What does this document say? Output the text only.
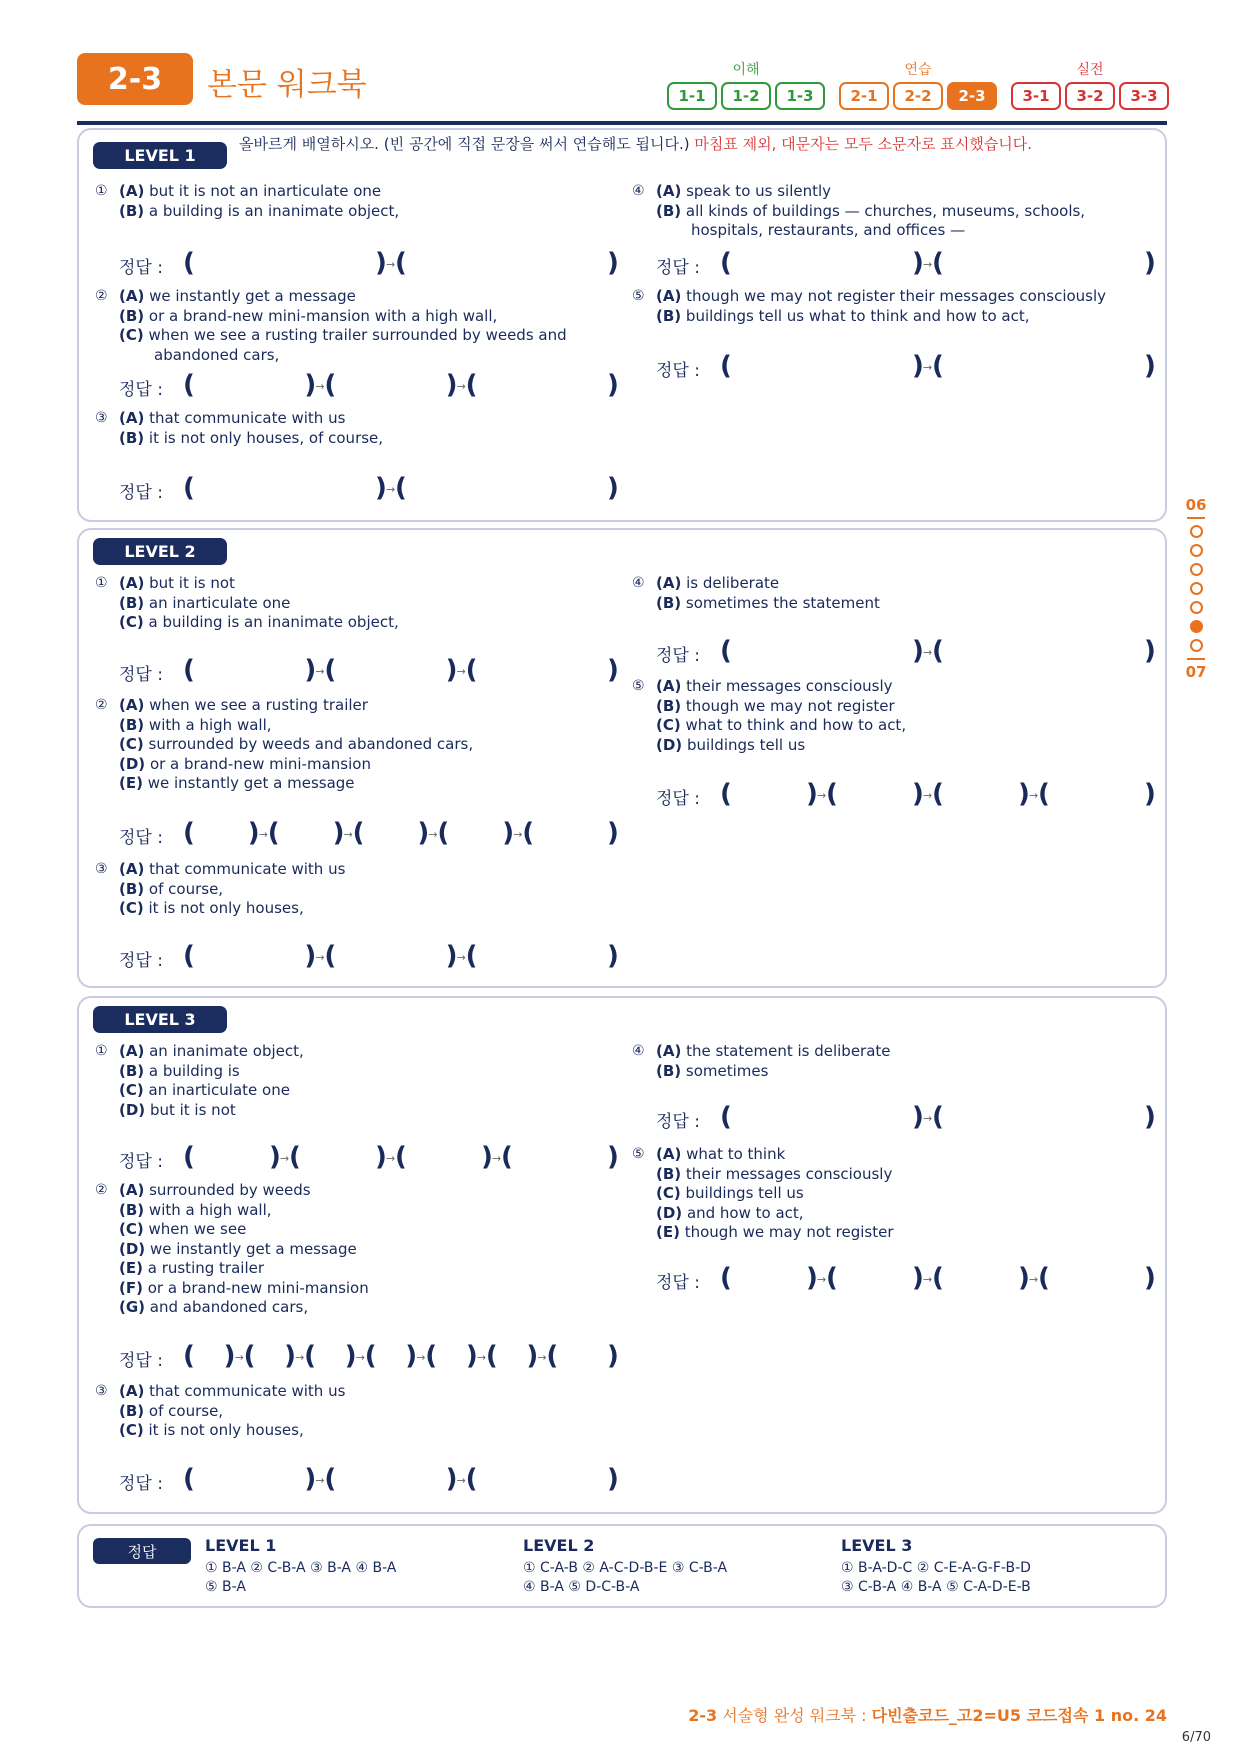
2-3	본문 워크북	이해
1-1	1-2	1-3
연습
2-1	2-2	2-3
실전
3-1	3-2	3-3
LEVEL 1
올바르게 배열하시오. (빈 공간에 직접 문장을 써서 연습해도 됩니다.) 마침표 제외, 대문자는 모두 소문자로 표시했습니다.
① (A) but it is not an inarticulate one
(B) a building is an inanimate object,
정답 : (	) → (	)
② (A) we instantly get a message
(B) or a brand-new mini-mansion with a high wall,
(C) when we see a rusting trailer surrounded by weeds and
abandoned cars,
정답 : (	) → (	) → (	)
③ (A) that communicate with us
(B) it is not only houses, of course,
정답 : (	) → (	)
④ (A) speak to us silently
(B) all kinds of buildings — churches, museums, schools,
hospitals, restaurants, and offices —
정답 : (	) → (	)
⑤ (A) though we may not register their messages consciously
(B) buildings tell us what to think and how to act,
정답 : (	) → (	)
LEVEL 2
① (A) but it is not
(B) an inarticulate one
(C) a building is an inanimate object,
정답 : (	) → (	) → (	)
② (A) when we see a rusting trailer
(B) with a high wall,
(C) surrounded by weeds and abandoned cars,
(D) or a brand-new mini-mansion
(E) we instantly get a message
정답 : ( ) → ( ) → ( ) → ( ) → (	)
③ (A) that communicate with us
(B) of course,
(C) it is not only houses,
정답 : (	) → (	) → (	)
④ (A) is deliberate
(B) sometimes the statement
정답 : (	) → (	)
⑤ (A) their messages consciously
(B) though we may not register
(C) what to think and how to act,
(D) buildings tell us
정답 : (	) → (	) → (	) → (	)
LEVEL 3
① (A) an inanimate object,
(B) a building is
(C) an inarticulate one
(D) but it is not
정답 : (	) → (	) → (	) → (	)
② (A) surrounded by weeds
(B) with a high wall,
(C) when we see
(D) we instantly get a message
(E) a rusting trailer
(F) or a brand-new mini-mansion
(G) and abandoned cars,
정답 : ( ) → ( ) → ( ) → ( ) → ( ) → ( ) → ( )
③ (A) that communicate with us
(B) of course,
(C) it is not only houses,
정답 : (	) → (	) → (	)
④ (A) the statement is deliberate
(B) sometimes
정답 : (	) → (	)
⑤ (A) what to think
(B) their messages consciously
(C) buildings tell us
(D) and how to act,
(E) though we may not register
정답 : (	) → (	) → (	) → (	)
정답	LEVEL 1
① B-A ② C-B-A ③ B-A ④ B-A
⑤ B-A
LEVEL 2
① C-A-B ② A-C-D-B-E ③ C-B-A
④ B-A ⑤ D-C-B-A
LEVEL 3
① B-A-D-C ② C-E-A-G-F-B-D
③ C-B-A ④ B-A ⑤ C-A-D-E-B
06
07
2-3 서술형 완성 워크북 : 다빈출코드_고2=U5 코드접속 1 no. 24
6/70
